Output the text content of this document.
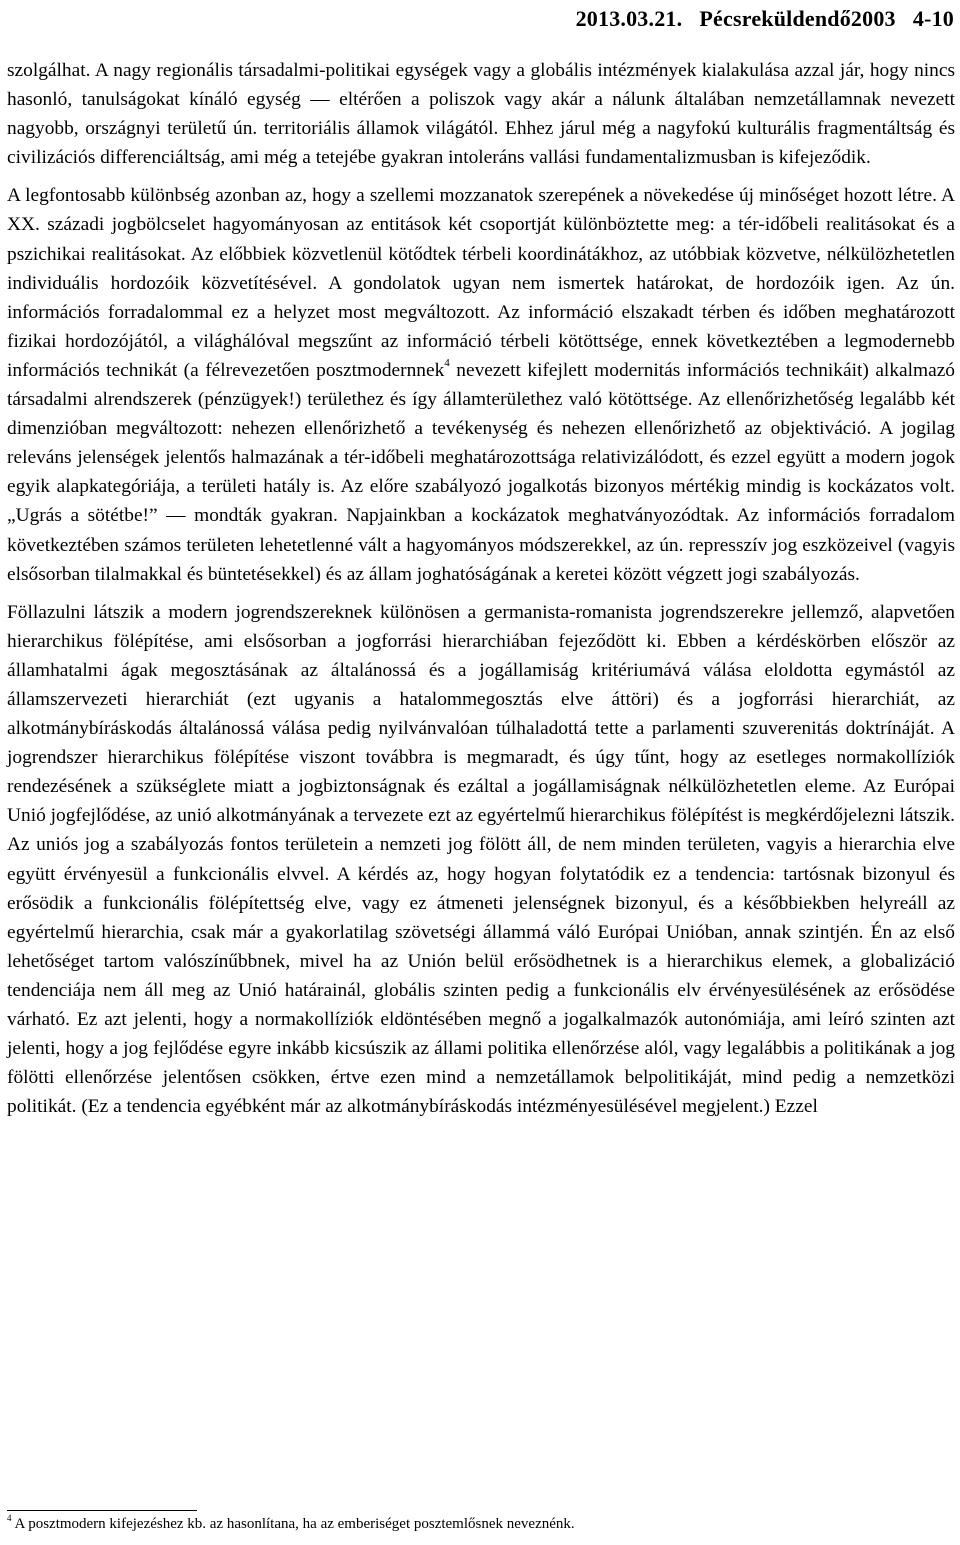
2013.03.21. Pécsreküldendő2003 4-10

szolgálhat. A nagy regionális társadalmi-politikai egységek vagy a globális intézmények kialakulása azzal jár, hogy nincs hasonló, tanulságokat kínáló egység ― eltérően a poliszok vagy akár a nálunk általában nemzetállamnak nevezett nagyobb, országnyi területű ún. territoriális államok világától. Ehhez járul még a nagyfokú kulturális fragmentáltság és civilizációs differenciáltság, ami még a tetejébe gyakran intoleráns vallási fundamentalizmusban is kifejeződik.

A legfontosabb különbség azonban az, hogy a szellemi mozzanatok szerepének a növekedése új minőséget hozott létre. A XX. századi jogbölcselet hagyományosan az entitások két csoportját különböztette meg: a tér-időbeli realitásokat és a pszichikai realitásokat. Az előbbiek közvetlenül kötődtek térbeli koordinátákhoz, az utóbbiak közvetve, nélkülözhetetlen individuális hordozóik közvetítésével. A gondolatok ugyan nem ismertek határokat, de hordozóik igen. Az ún. információs forradalommal ez a helyzet most megváltozott. Az információ elszakadt térben és időben meghatározott fizikai hordozójától, a világhálóval megszűnt az információ térbeli kötöttsége, ennek következtében a legmodernebb információs technikát (a félrevezetően posztmodernnek$^4$ nevezett kifejlett modernitás információs technikáit) alkalmazó társadalmi alrendszerek (pénzügyek!) területhez és így államterülethez való kötöttsége. Az ellenőrizhetőség legalább két dimenzióban megváltozott: nehezen ellenőrizhető a tevékenység és nehezen ellenőrizhető az objektiváció. A jogilag releváns jelenségek jelentős halmazának a tér-időbeli meghatározottsága relativizálódott, és ezzel együtt a modern jogok egyik alapkategóriája, a területi hatály is. Az előre szabályozó jogalkotás bizonyos mértékig mindig is kockázatos volt. „Ugrás a sötétbe!” ― mondták gyakran. Napjainkban a kockázatok meghatványozódtak. Az információs forradalom következtében számos területen lehetetlenné vált a hagyományos módszerekkel, az ún. represszív jog eszközeivel (vagyis elsősorban tilalmakkal és büntetésekkel) és az állam joghatóságának a keretei között végzett jogi szabályozás.

Föllazulni látszik a modern jogrendszereknek különösen a germanista-romanista jogrendszerekre jellemző, alapvetően hierarchikus fölépítése, ami elsősorban a jogforrási hierarchiában fejeződött ki. Ebben a kérdéskörben először az államhatalmi ágak megosztásának az általánossá és a jogállamiság kritériumává válása eloldotta egymástól az államszervezeti hierarchiát (ezt ugyanis a hatalommegosztás elve áttöri) és a jogforrási hierarchiát, az alkotmánybíráskodás általánossá válása pedig nyilvánvalóan túlhaladottá tette a parlamenti szuverenitás doktrínáját. A jogrendszer hierarchikus fölépítése viszont továbbra is megmaradt, és úgy tűnt, hogy az esetleges normakollíziók rendezésének a szükséglete miatt a jogbiztonságnak és ezáltal a jogállamiságnak nélkülözhetetlen eleme. Az Európai Unió jogfejlődése, az unió alkotmányának a tervezete ezt az egyértelmű hierarchikus fölépítést is megkérdőjelezni látszik. Az uniós jog a szabályozás fontos területein a nemzeti jog fölött áll, de nem minden területen, vagyis a hierarchia elve együtt érvényesül a funkcionális elvvel. A kérdés az, hogy hogyan folytatódik ez a tendencia: tartósnak bizonyul és erősödik a funkcionális fölépítettség elve, vagy ez átmeneti jelenségnek bizonyul, és a későbbiekben helyreáll az egyértelmű hierarchia, csak már a gyakorlatilag szövetségi állammá váló Európai Unióban, annak szintjén. Én az első lehetőséget tartom valószínűbbnek, mivel ha az Unión belül erősödhetnek is a hierarchikus elemek, a globalizáció tendenciája nem áll meg az Unió határainál, globális szinten pedig a funkcionális elv érvényesülésének az erősödése várható. Ez azt jelenti, hogy a normakollíziók eldöntésében megnő a jogalkalmazók autonómiája, ami leíró szinten azt jelenti, hogy a jog fejlődése egyre inkább kicsúszik az állami politika ellenőrzése alól, vagy legalábbis a politikának a jog fölötti ellenőrzése jelentősen csökken, értve ezen mind a nemzetállamok belpolitikáját, mind pedig a nemzetközi politikát. (Ez a tendencia egyébként már az alkotmánybíráskodás intézményesülésével megjelent.) Ezzel

$^4$ A posztmodern kifejezéshez kb. az hasonlítana, ha az emberiséget posztemlősnek neveznénk.
